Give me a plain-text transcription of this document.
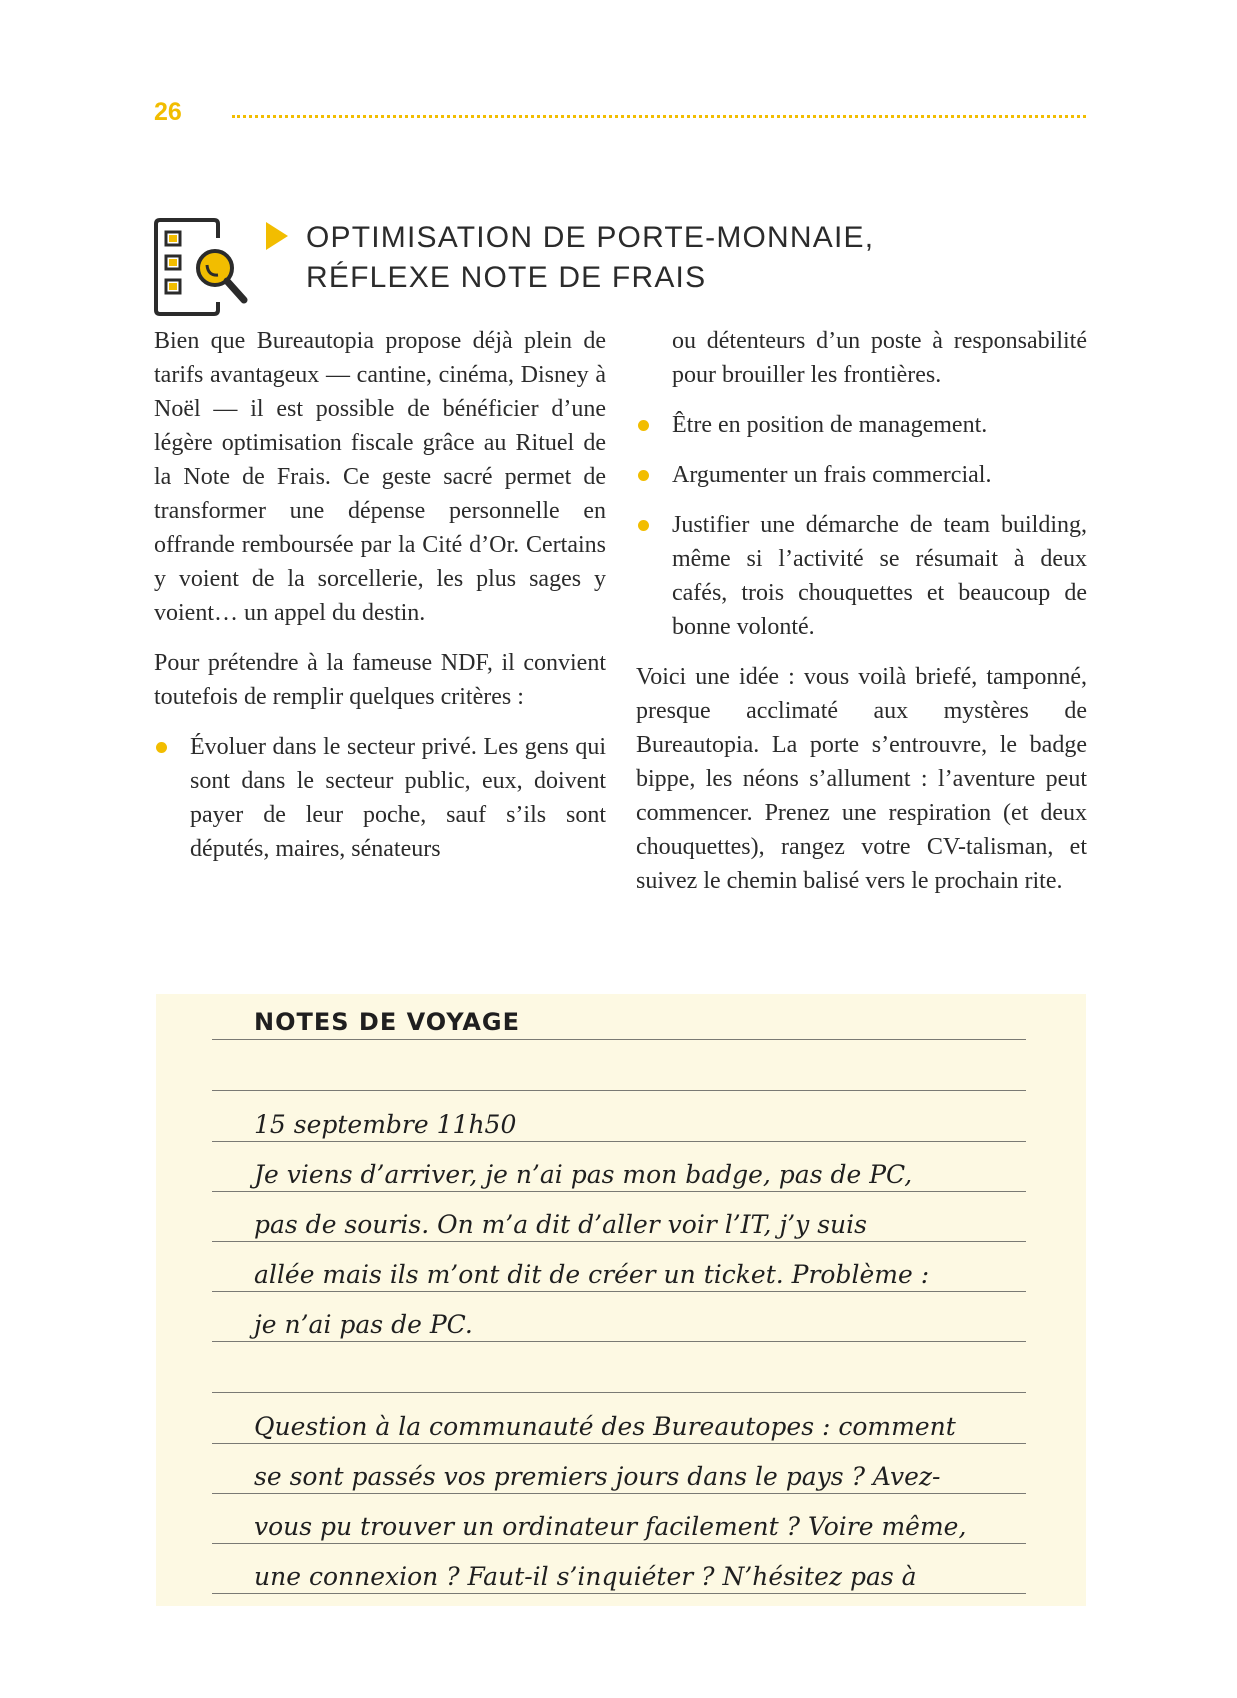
26
OPTIMISATION DE PORTE-MONNAIE,
RÉFLEXE NOTE DE FRAIS

Bien que Bureautopia propose déjà plein de tarifs avantageux — cantine, cinéma, Disney à Noël — il est possible de bénéficier d’une légère optimisation fiscale grâce au Rituel de la Note de Frais. Ce geste sacré permet de transformer une dépense personnelle en offrande remboursée par la Cité d’Or. Certains y voient de la sorcellerie, les plus sages y voient… un appel du destin.

Pour prétendre à la fameuse NDF, il convient toutefois de remplir quelques critères :

Évoluer dans le secteur privé. Les gens qui sont dans le secteur public, eux, doivent payer de leur poche, sauf s’ils sont députés, maires, sénateurs

ou détenteurs d’un poste à responsabilité pour brouiller les frontières.

Être en position de management.
Argumenter un frais commercial.
Justifier une démarche de team building, même si l’activité se résumait à deux cafés, trois chouquettes et beaucoup de bonne volonté.

Voici une idée : vous voilà briefé, tamponné, presque acclimaté aux mystères de Bureautopia. La porte s’entrouvre, le badge bippe, les néons s’allument : l’aventure peut commencer. Prenez une respiration (et deux chouquettes), rangez votre CV-talisman, et suivez le chemin balisé vers le prochain rite.

NOTES DE VOYAGE
15 septembre 11h50
Je viens d’arriver, je n’ai pas mon badge, pas de PC,
pas de souris. On m’a dit d’aller voir l’IT, j’y suis
allée mais ils m’ont dit de créer un ticket. Problème :
je n’ai pas de PC.
Question à la communauté des Bureautopes : comment
se sont passés vos premiers jours dans le pays ? Avez-
vous pu trouver un ordinateur facilement ? Voire même,
une connexion ? Faut-il s’inquiéter ? N’hésitez pas à
